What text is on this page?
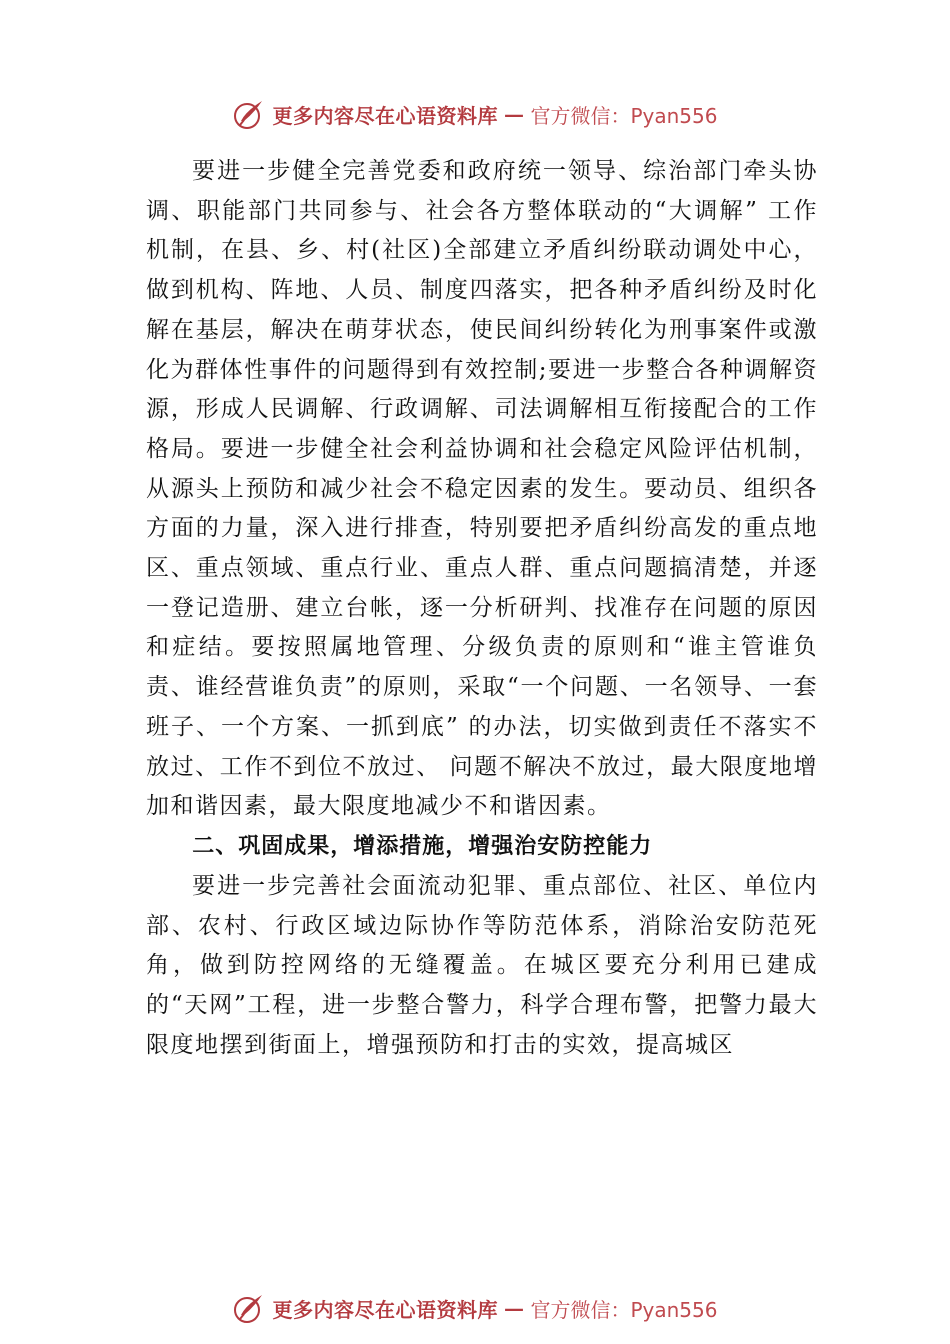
更多内容尽在心语资料库 — 官方微信：Pyan556

要进一步健全完善党委和政府统一领导、综治部门牵头协调、职能部门共同参与、社会各方整体联动的“大调解” 工作机制，在县、乡、村(社区)全部建立矛盾纠纷联动调处中心，做到机构、阵地、人员、制度四落实，把各种矛盾纠纷及时化解在基层，解决在萌芽状态，使民间纠纷转化为刑事案件或激化为群体性事件的问题得到有效控制;要进一步整合各种调解资源，形成人民调解、行政调解、司法调解相互衔接配合的工作格局。要进一步健全社会利益协调和社会稳定风险评估机制，从源头上预防和减少社会不稳定因素的发生。要动员、组织各方面的力量，深入进行排查，特别要把矛盾纠纷高发的重点地区、重点领域、重点行业、重点人群、重点问题搞清楚，并逐一登记造册、建立台帐，逐一分析研判、找准存在问题的原因和症结。要按照属地管理、分级负责的原则和“谁主管谁负责、谁经营谁负责”的原则，采取“一个问题、一名领导、一套班子、一个方案、一抓到底” 的办法，切实做到责任不落实不放过、工作不到位不放过、 问题不解决不放过，最大限度地增加和谐因素，最大限度地减少不和谐因素。

二、巩固成果，增添措施，增强治安防控能力

要进一步完善社会面流动犯罪、重点部位、社区、单位内部、农村、行政区域边际协作等防范体系，消除治安防范死角，做到防控网络的无缝覆盖。在城区要充分利用已建成的“天网”工程，进一步整合警力，科学合理布警，把警力最大限度地摆到街面上，增强预防和打击的实效，提高城区

更多内容尽在心语资料库 — 官方微信：Pyan556
